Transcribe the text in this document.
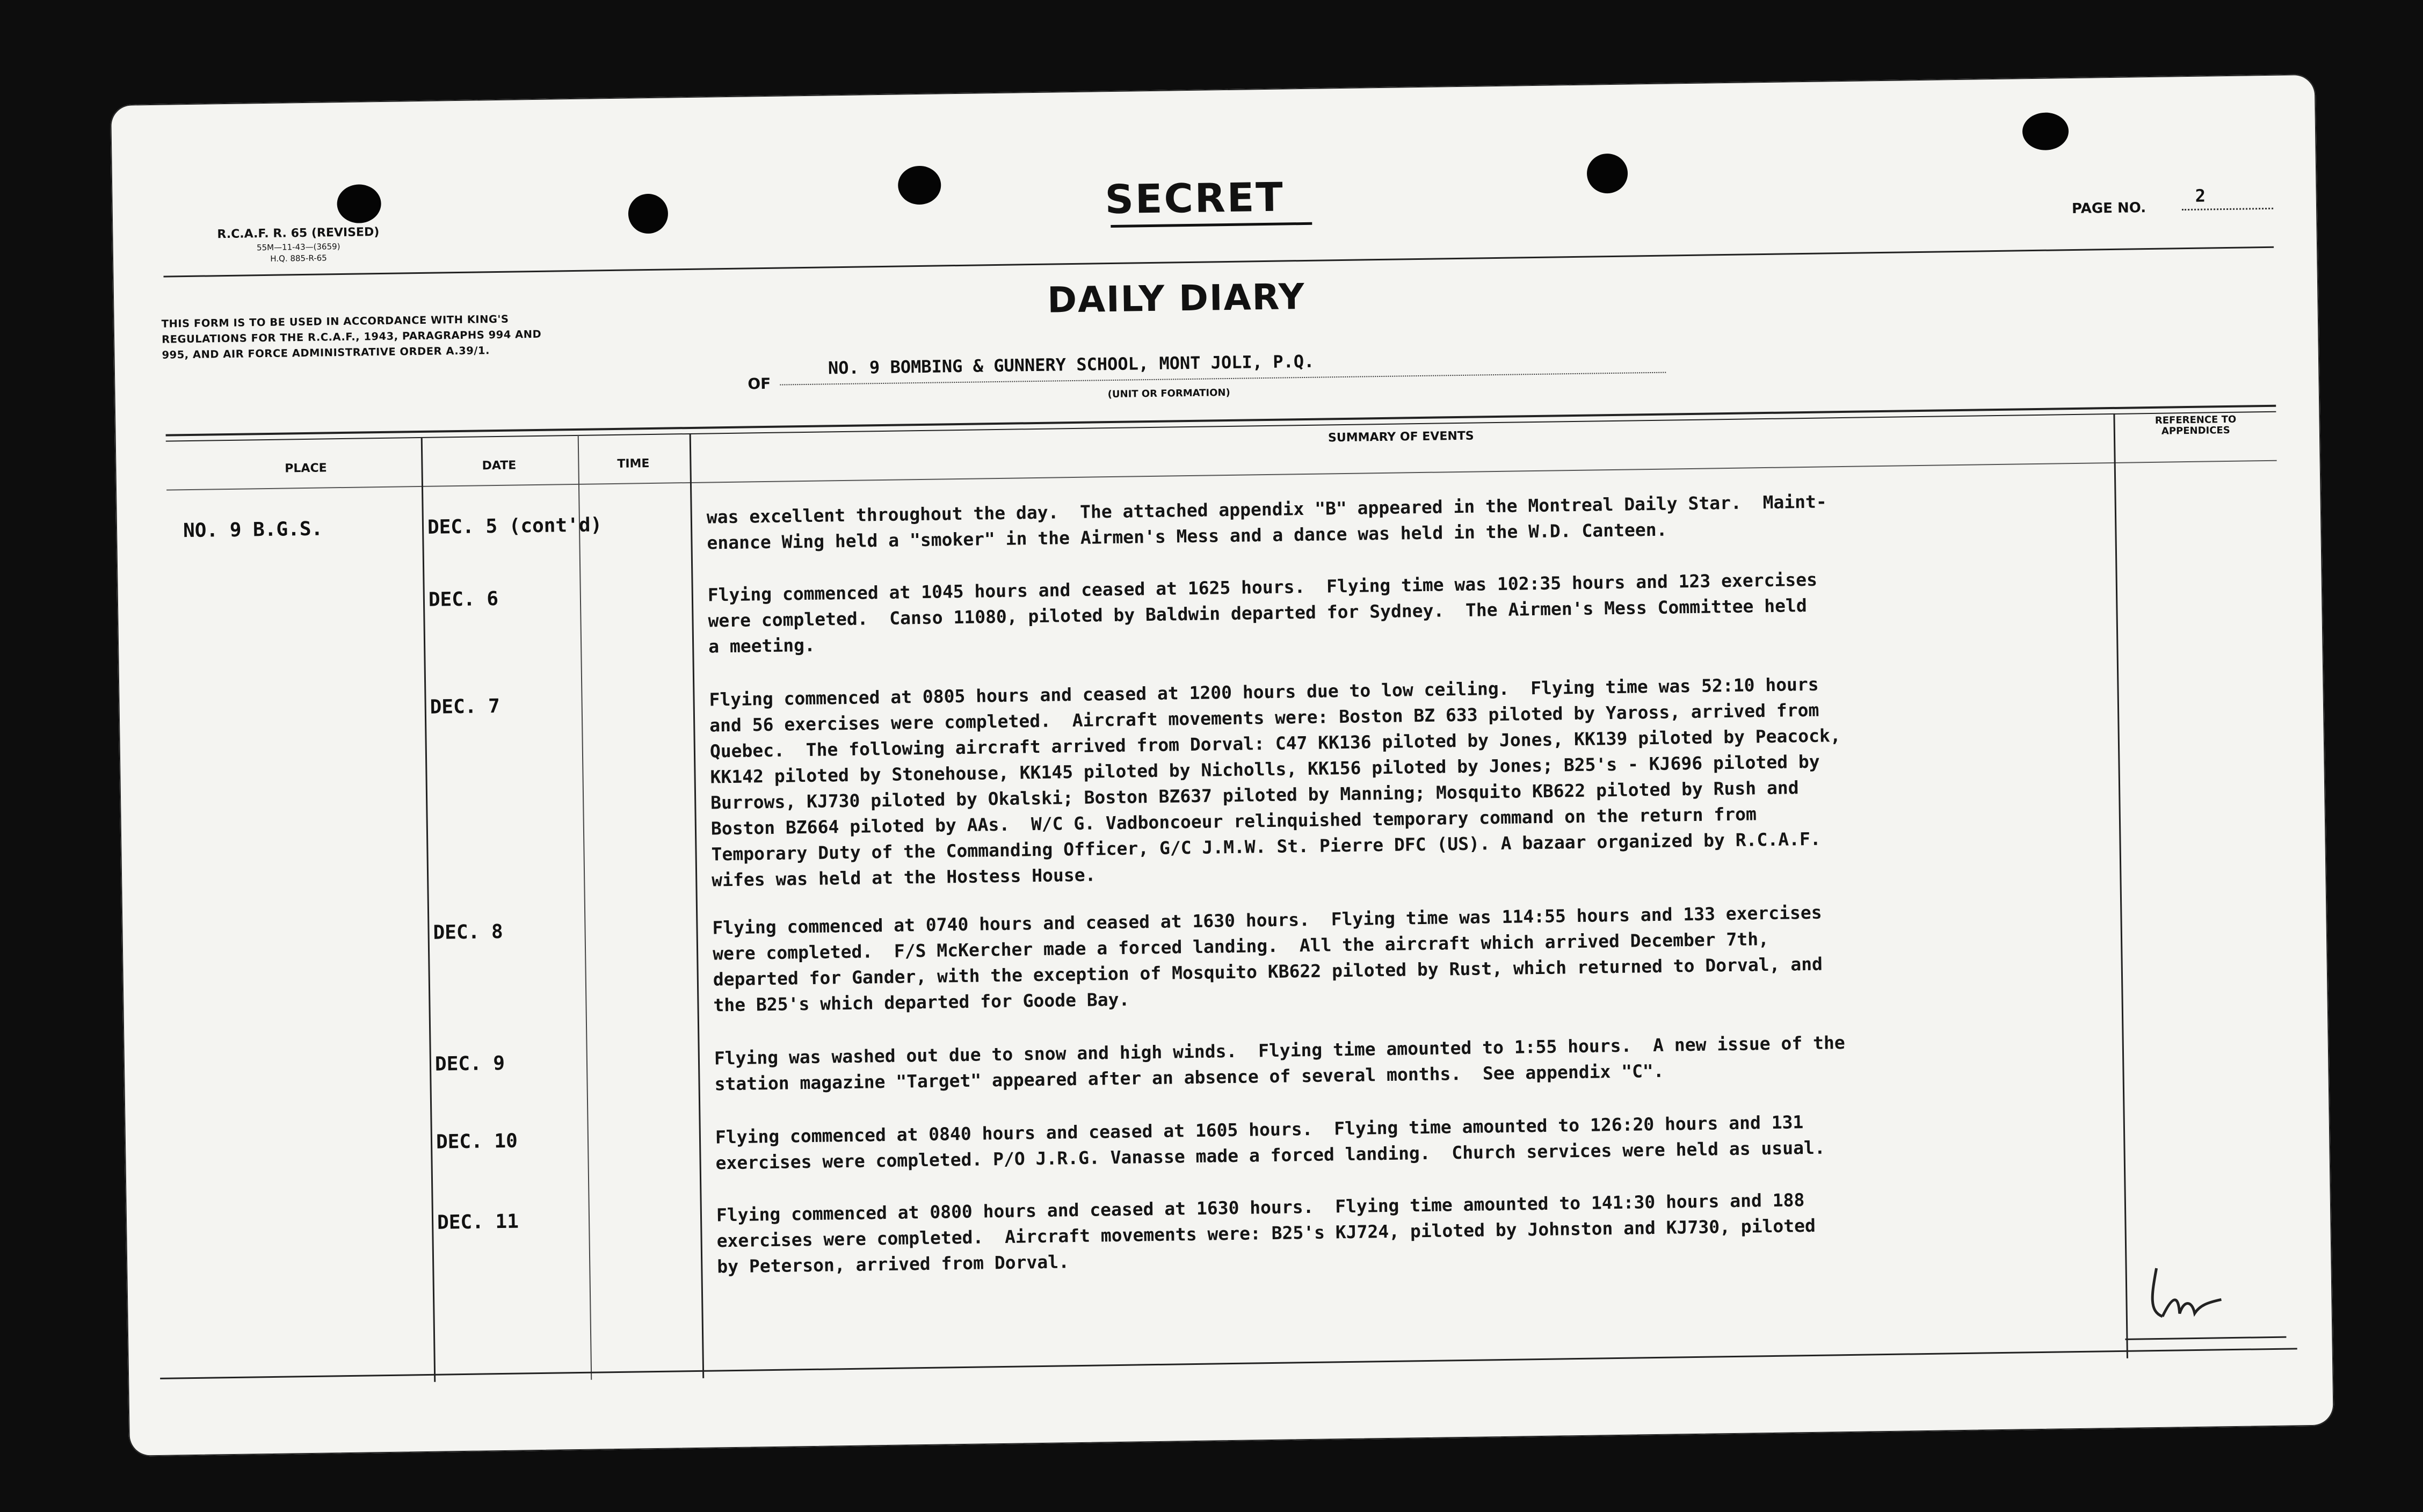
R.C.A.F. R. 65 (REVISED)
55M—11-43—(3659)
H.Q. 885-R-65
SECRET	PAGE NO.
2
THIS FORM IS TO BE USED IN ACCORDANCE WITH KING'S REGULATIONS FOR THE R.C.A.F., 1943, PARAGRAPHS 994 AND 995, AND AIR FORCE ADMINISTRATIVE ORDER A.39/1.
DAILY DIARY
OF
NO. 9 BOMBING & GUNNERY SCHOOL, MONT JOLI, P.Q.
(UNIT OR FORMATION)
PLACE	DATE	TIME
SUMMARY OF EVENTS
REFERENCE TO APPENDICES
NO. 9 B.G.S.	DEC. 5 (cont'd)	was excellent throughout the day.  The attached appendix "B" appeared in the Montreal Daily Star.  Maint-
enance Wing held a "smoker" in the Airmen's Mess and a dance was held in the W.D. Canteen.
DEC. 6	Flying commenced at 1045 hours and ceased at 1625 hours.  Flying time was 102:35 hours and 123 exercises
were completed.  Canso 11080, piloted by Baldwin departed for Sydney.  The Airmen's Mess Committee held
a meeting.
DEC. 7	Flying commenced at 0805 hours and ceased at 1200 hours due to low ceiling.  Flying time was 52:10 hours
and 56 exercises were completed.  Aircraft movements were: Boston BZ 633 piloted by Yaross, arrived from
Quebec.  The following aircraft arrived from Dorval: C47 KK136 piloted by Jones, KK139 piloted by Peacock,
KK142 piloted by Stonehouse, KK145 piloted by Nicholls, KK156 piloted by Jones; B25's - KJ696 piloted by
Burrows, KJ730 piloted by Okalski; Boston BZ637 piloted by Manning; Mosquito KB622 piloted by Rush and
Boston BZ664 piloted by AAs.  W/C G. Vadboncoeur relinquished temporary command on the return from
Temporary Duty of the Commanding Officer, G/C J.M.W. St. Pierre DFC (US). A bazaar organized by R.C.A.F.
wifes was held at the Hostess House.
DEC. 8	Flying commenced at 0740 hours and ceased at 1630 hours.  Flying time was 114:55 hours and 133 exercises
were completed.  F/S McKercher made a forced landing.  All the aircraft which arrived December 7th,
departed for Gander, with the exception of Mosquito KB622 piloted by Rust, which returned to Dorval, and
the B25's which departed for Goode Bay.
DEC. 9	Flying was washed out due to snow and high winds.  Flying time amounted to 1:55 hours.  A new issue of the
station magazine "Target" appeared after an absence of several months.  See appendix "C".
DEC. 10	Flying commenced at 0840 hours and ceased at 1605 hours.  Flying time amounted to 126:20 hours and 131
exercises were completed. P/O J.R.G. Vanasse made a forced landing.  Church services were held as usual.
DEC. 11	Flying commenced at 0800 hours and ceased at 1630 hours.  Flying time amounted to 141:30 hours and 188
exercises were completed.  Aircraft movements were: B25's KJ724, piloted by Johnston and KJ730, piloted
by Peterson, arrived from Dorval.
